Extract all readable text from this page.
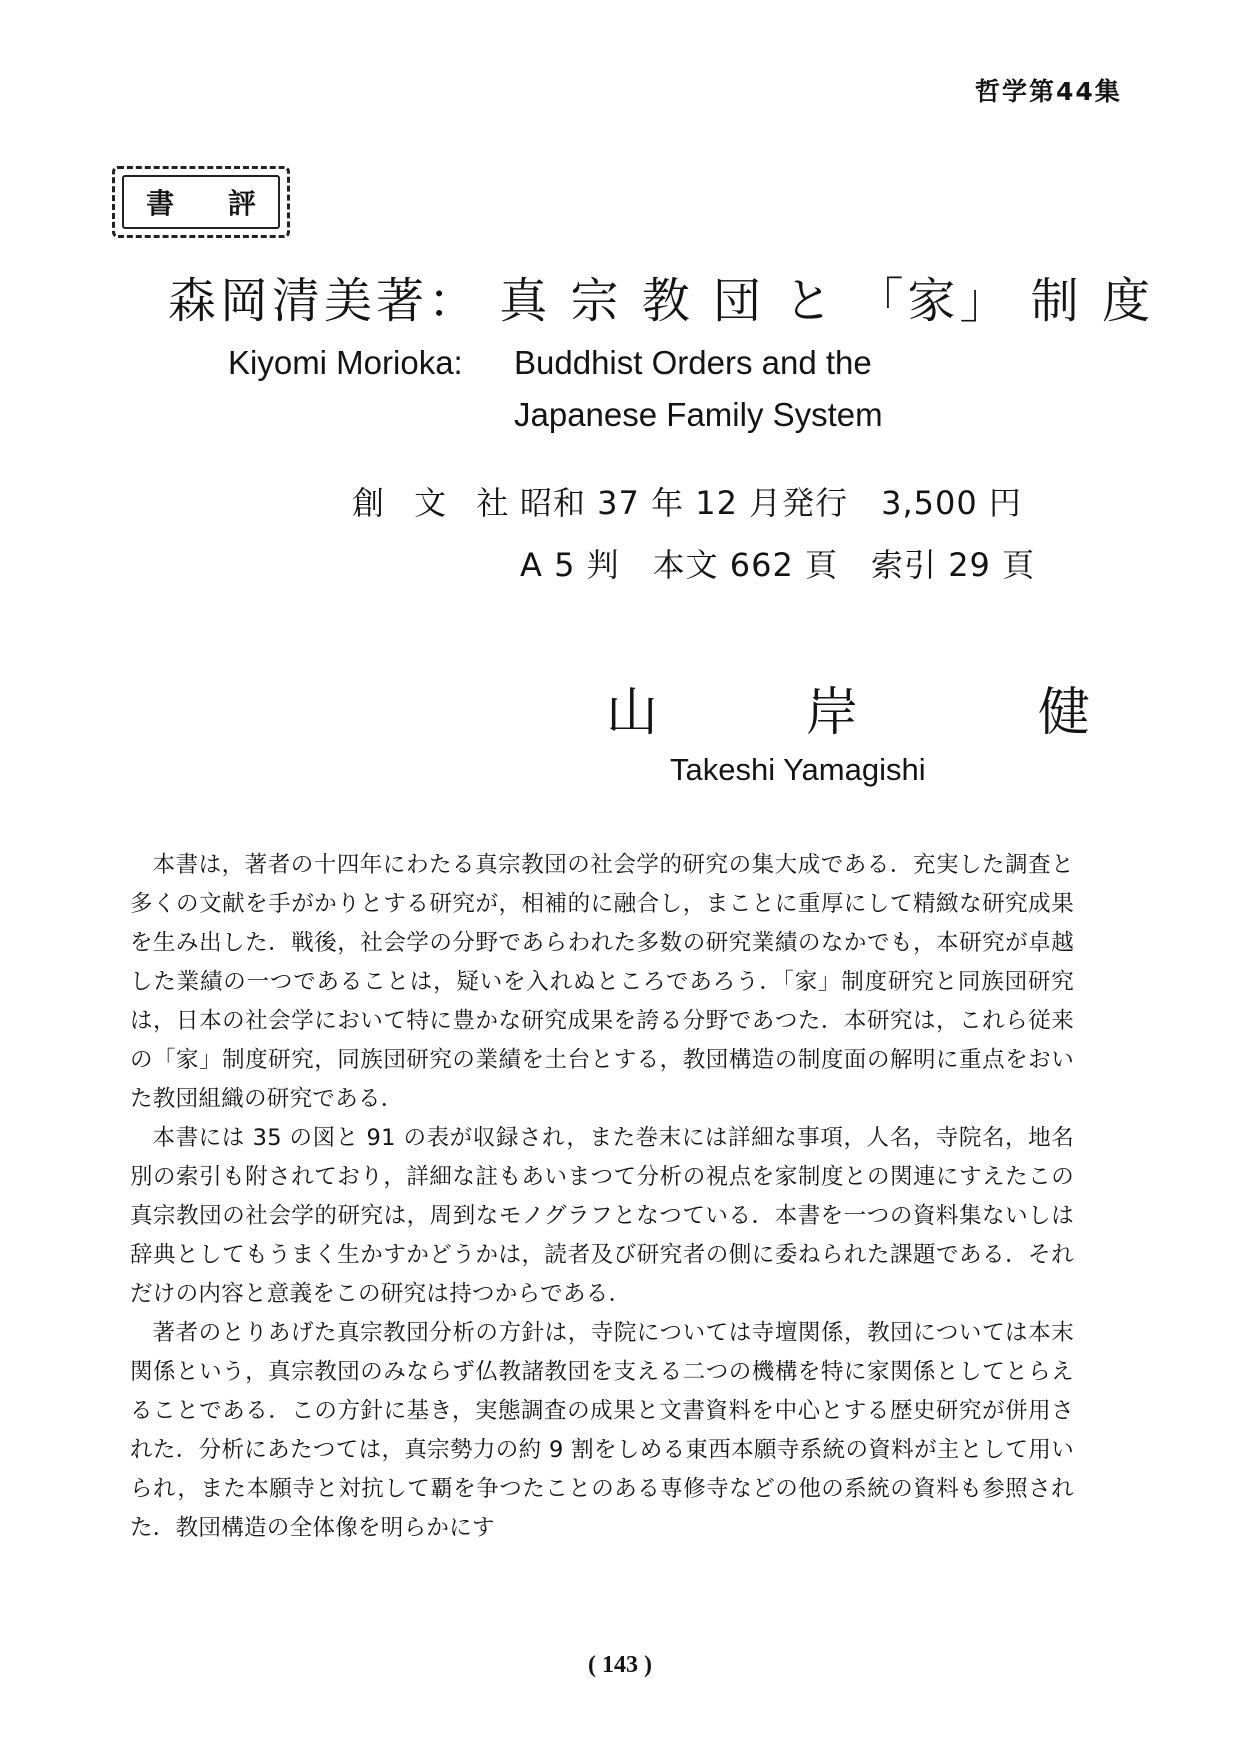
哲学第44集
書 評
森岡清美著： 真 宗 教 団 と 「家」 制 度
Kiyomi Morioka: Buddhist Orders and the
Japanese Family System
創 文 社昭和 37 年 12 月発行　3,500 円
A 5 判　本文 662 頁　索引 29 頁
山　岸	健
Takeshi Yamagishi

本書は，著者の十四年にわたる真宗教団の社会学的研究の集大成である．充実した調査と多くの文献を手がかりとする研究が，相補的に融合し，まことに重厚にして精緻な研究成果を生み出した．戦後，社会学の分野であらわれた多数の研究業績のなかでも，本研究が卓越した業績の一つであることは，疑いを入れぬところであろう．「家」制度研究と同族団研究は，日本の社会学において特に豊かな研究成果を誇る分野であつた．本研究は，これら従来の「家」制度研究，同族団研究の業績を土台とする，教団構造の制度面の解明に重点をおいた教団組織の研究である．

本書には 35 の図と 91 の表が収録され，また巻末には詳細な事項，人名，寺院名，地名別の索引も附されており，詳細な註もあいまつて分析の視点を家制度との関連にすえたこの真宗教団の社会学的研究は，周到なモノグラフとなつている．本書を一つの資料集ないしは辞典としてもうまく生かすかどうかは，読者及び研究者の側に委ねられた課題である．それだけの内容と意義をこの研究は持つからである．

著者のとりあげた真宗教団分析の方針は，寺院については寺壇関係，教団については本末関係という，真宗教団のみならず仏教諸教団を支える二つの機構を特に家関係としてとらえることである．この方針に基き，実態調査の成果と文書資料を中心とする歴史研究が併用された．分析にあたつては，真宗勢力の約 9 割をしめる東西本願寺系統の資料が主として用いられ，また本願寺と対抗して覇を争つたことのある専修寺などの他の系統の資料も参照された．教団構造の全体像を明らかにす

( 143 )
